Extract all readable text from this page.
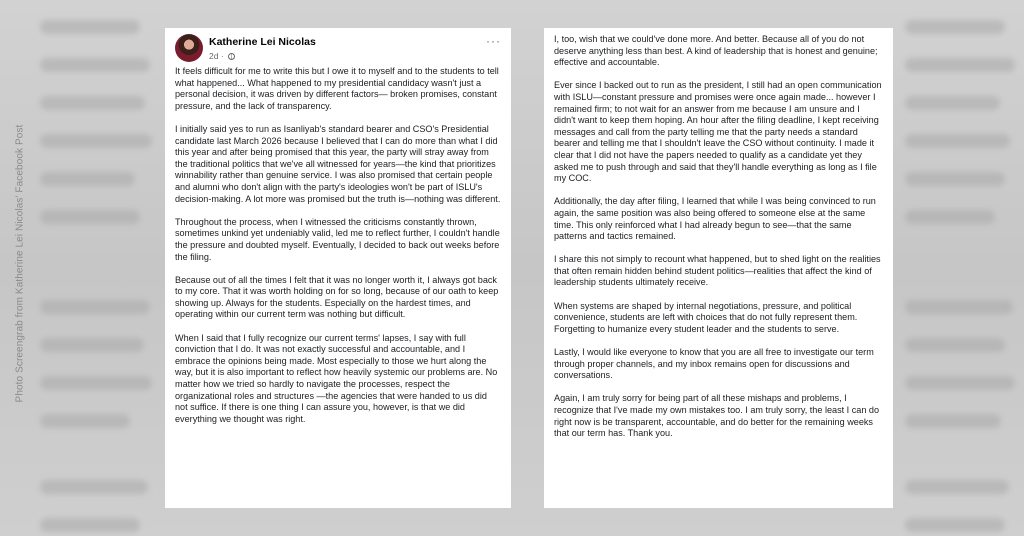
Photo Screengrab from Katherine Lei Nicolas' Facebook Post
Katherine Lei Nicolas
2d ·
···

It feels difficult for me to write this but I owe it to myself and to the students to tell what happened... What happened to my presidential candidacy wasn't just a personal decision, it was driven by different factors— broken promises, constant pressure, and the lack of transparency.

I initially said yes to run as Isanliyab's standard bearer and CSO's Presidential candidate last March 2026 because I believed that I can do more than what I did this year and after being promised that this year, the party will stray away from the traditional politics that we've all witnessed for years—the kind that prioritizes winnability rather than genuine service. I was also promised that certain people and alumni who don't align with the party's ideologies won't be part of ISLU's decision-making. A lot more was promised but the truth is—nothing was different.

Throughout the process, when I witnessed the criticisms constantly thrown, sometimes unkind yet undeniably valid, led me to reflect further, I couldn't handle the pressure and doubted myself. Eventually, I decided to back out weeks before the filing.

Because out of all the times I felt that it was no longer worth it, I always got back to my core. That it was worth holding on for so long, because of our oath to keep showing up. Always for the students. Especially on the hardest times, and operating within our current term was nothing but difficult.

When I said that I fully recognize our current terms' lapses, I say with full conviction that I do. It was not exactly successful and accountable, and I embrace the opinions being made. Most especially to those we hurt along the way, but it is also important to reflect how heavily systemic our problems are. No matter how we tried so hardly to navigate the processes, respect the organizational roles and structures —the agencies that were handed to us did not suffice. If there is one thing I can assure you, however, is that we did everything we thought was right.

I, too, wish that we could've done more. And better. Because all of you do not deserve anything less than best. A kind of leadership that is honest and genuine; effective and accountable.

Ever since I backed out to run as the president, I still had an open communication with ISLU—constant pressure and promises were once again made... however I remained firm; to not wait for an answer from me because I am unsure and I didn't want to keep them hoping. An hour after the filing deadline, I kept receiving messages and call from the party telling me that the party needs a standard bearer and telling me that I shouldn't leave the CSO without continuity. I made it clear that I did not have the papers needed to qualify as a candidate yet they asked me to push through and said that they'll handle everything as long as I file my COC.

Additionally, the day after filing, I learned that while I was being convinced to run again, the same position was also being offered to someone else at the same time. This only reinforced what I had already begun to see—that the same patterns and tactics remained.

I share this not simply to recount what happened, but to shed light on the realities that often remain hidden behind student politics—realities that affect the kind of leadership students ultimately receive.

When systems are shaped by internal negotiations, pressure, and political convenience, students are left with choices that do not fully represent them. Forgetting to humanize every student leader and the students to serve.

Lastly, I would like everyone to know that you are all free to investigate our term through proper channels, and my inbox remains open for discussions and conversations.

Again, I am truly sorry for being part of all these mishaps and problems, I recognize that I've made my own mistakes too. I am truly sorry, the least I can do right now is be transparent, accountable, and do better for the remaining weeks that our term has. Thank you.
